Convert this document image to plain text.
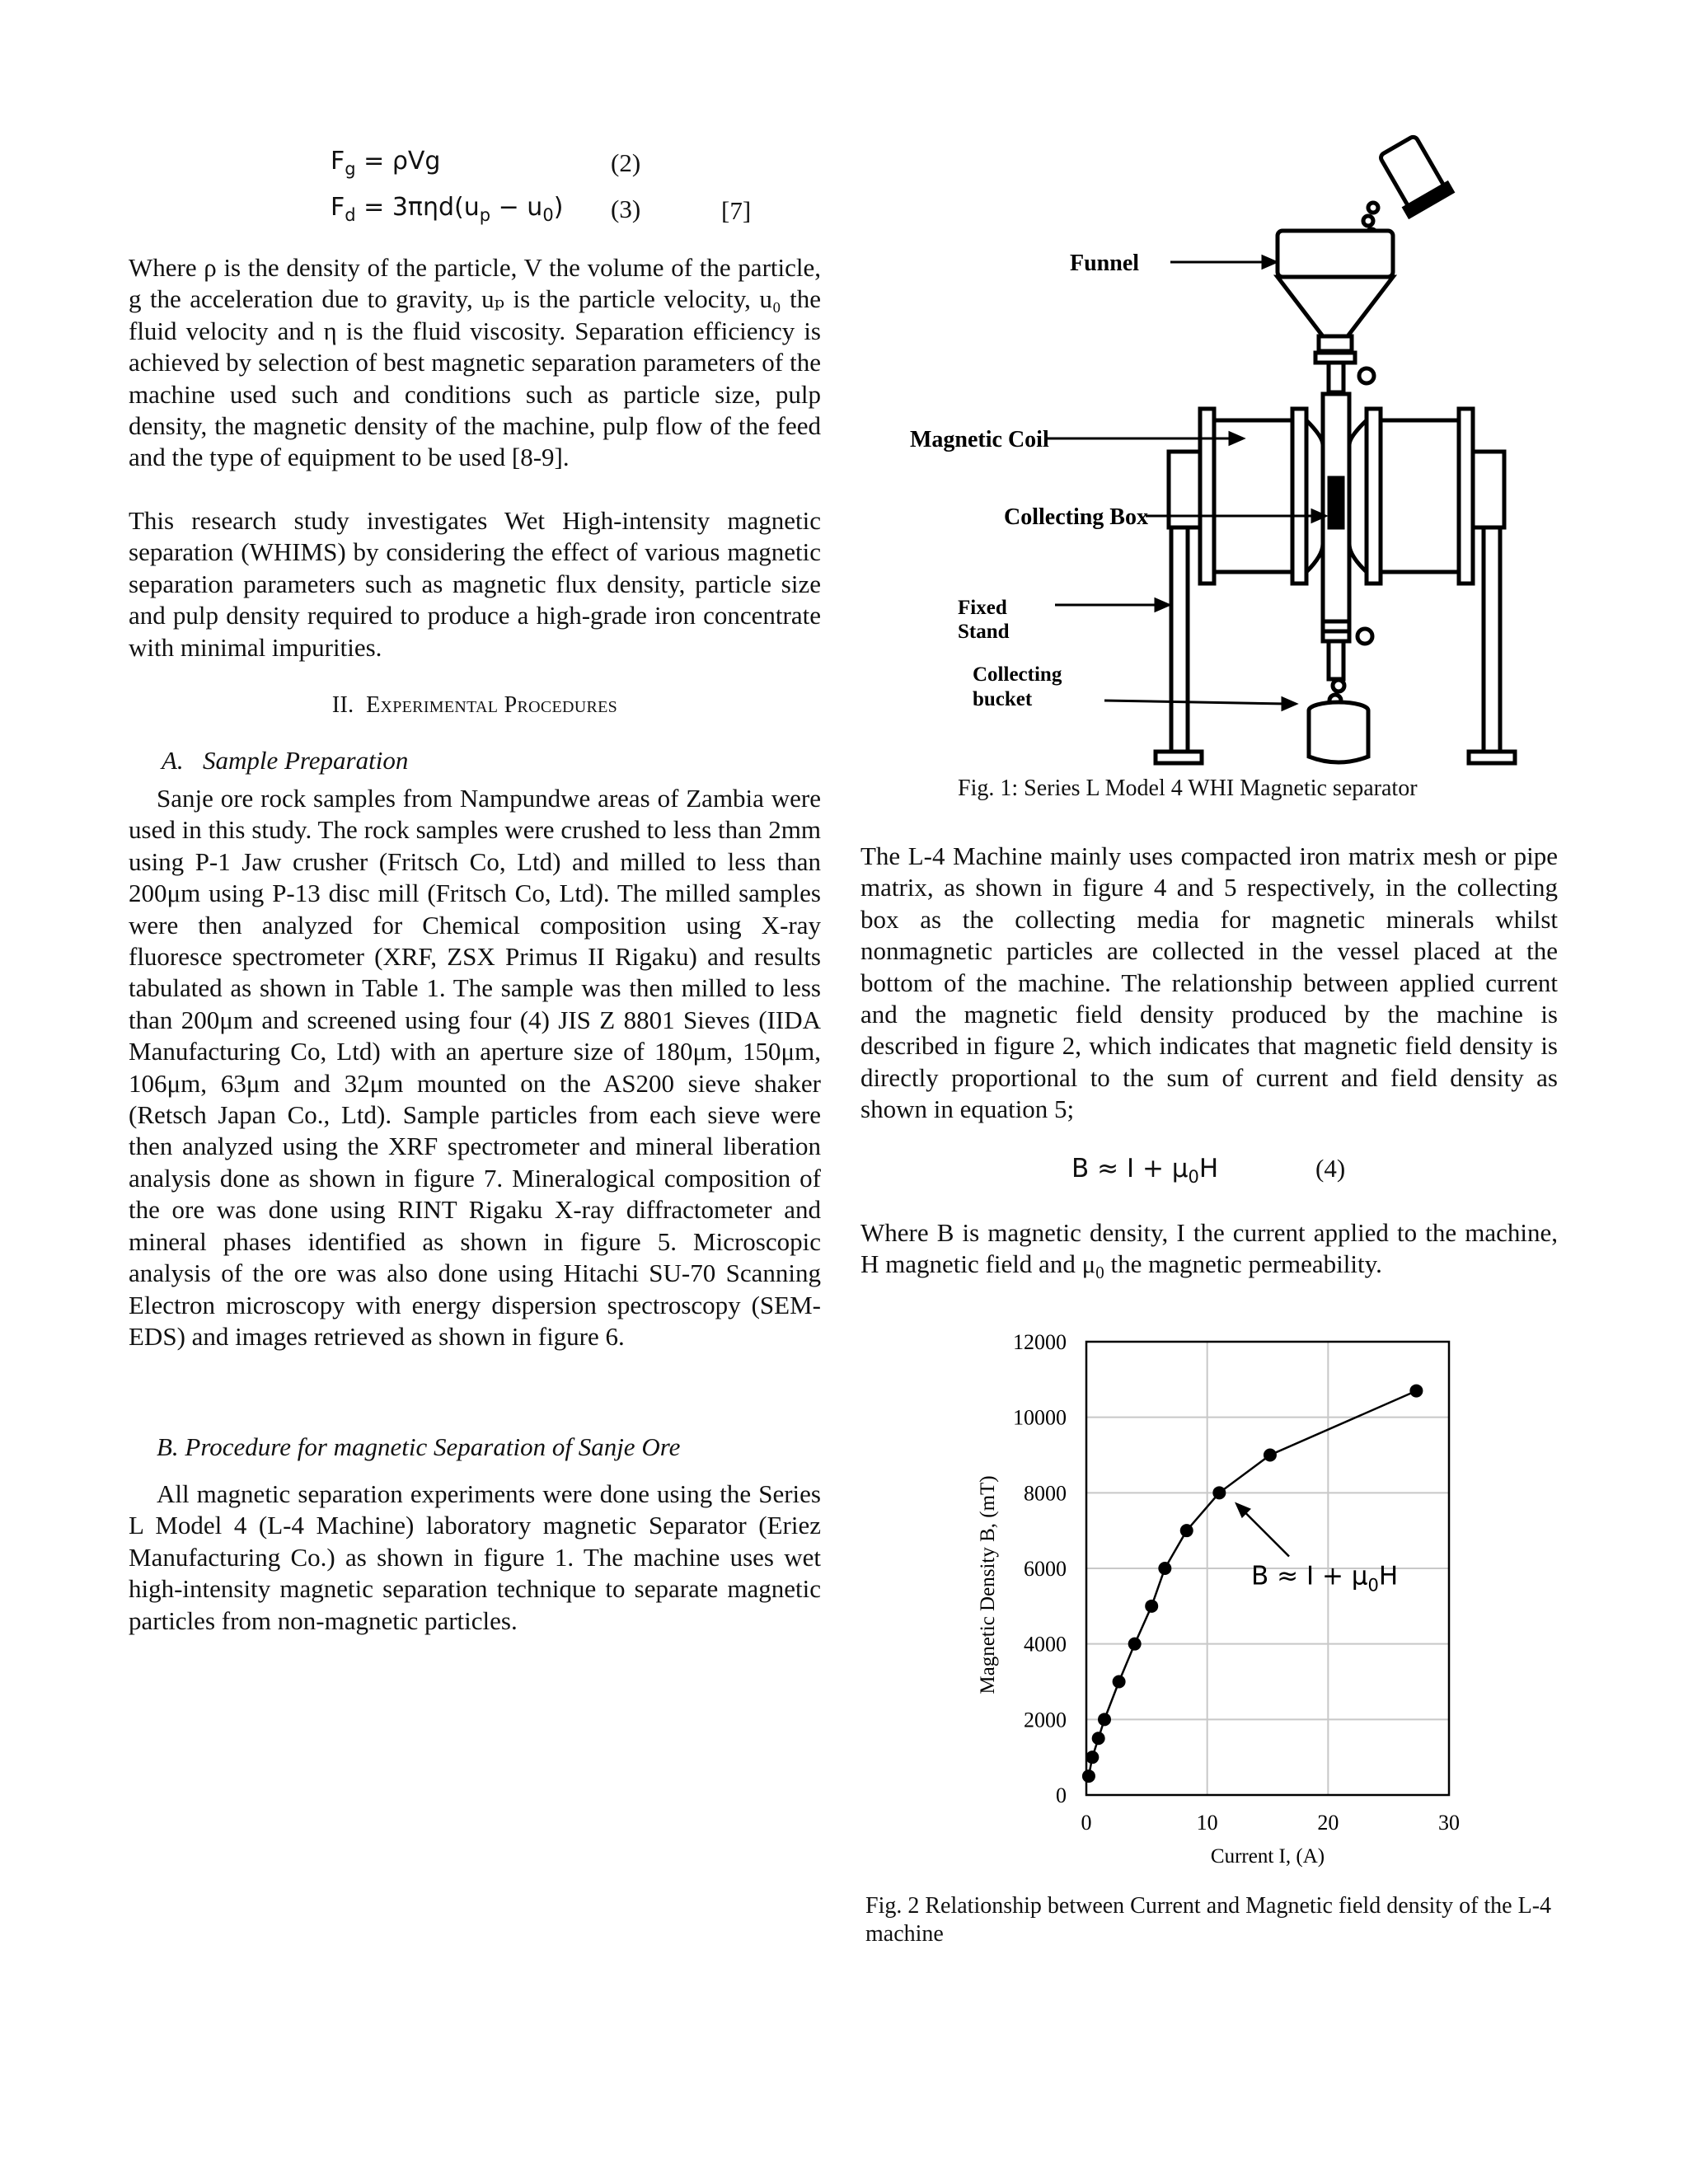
$F_g = \rho Vg$	(2)
$F_d = 3\pi\eta d(u_p - u_0)$ (3)	[7]

Where ρ is the density of the particle, V the volume of the particle, g the acceleration due to gravity, uₚ is the particle velocity, u₀ the fluid velocity and η is the fluid viscosity. Separation efficiency is achieved by selection of best magnetic separation parameters of the machine used such and conditions such as particle size, pulp density, the magnetic density of the machine, pulp flow of the feed and the type of equipment to be used [8-9].

This research study investigates Wet High-intensity magnetic separation (WHIMS) by considering the effect of various magnetic separation parameters such as magnetic flux density, particle size and pulp density required to produce a high-grade iron concentrate with minimal impurities.

II. Experimental Procedures
A. Sample Preparation

Sanje ore rock samples from Nampundwe areas of Zambia were used in this study. The rock samples were crushed to less than 2mm using P-1 Jaw crusher (Fritsch Co, Ltd) and milled to less than 200μm using P-13 disc mill (Fritsch Co, Ltd). The milled samples were then analyzed for Chemical composition using X-ray fluoresce spectrometer (XRF, ZSX Primus II Rigaku) and results tabulated as shown in Table 1. The sample was then milled to less than 200μm and screened using four (4) JIS Z 8801 Sieves (IIDA Manufacturing Co, Ltd) with an aperture size of 180μm, 150μm, 106μm, 63μm and 32μm mounted on the AS200 sieve shaker (Retsch Japan Co., Ltd). Sample particles from each sieve were then analyzed using the XRF spectrometer and mineral liberation analysis done as shown in figure 7. Mineralogical composition of the ore was done using RINT Rigaku X-ray diffractometer and mineral phases identified as shown in figure 5. Microscopic analysis of the ore was also done using Hitachi SU-70 Scanning Electron microscopy with energy dispersion spectroscopy (SEM-EDS) and images retrieved as shown in figure 6.

B. Procedure for magnetic Separation of Sanje Ore

All magnetic separation experiments were done using the Series L Model 4 (L-4 Machine) laboratory magnetic Separator (Eriez Manufacturing Co.) as shown in figure 1. The machine uses wet high-intensity magnetic separation technique to separate magnetic particles from non-magnetic particles.

Funnel
Magnetic Coil
Collecting Box
Fixed
Stand
Collecting
bucket
Fig. 1: Series L Model 4 WHI Magnetic separator

The L-4 Machine mainly uses compacted iron matrix mesh or pipe matrix, as shown in figure 4 and 5 respectively, in the collecting box as the collecting media for magnetic minerals whilst nonmagnetic particles are collected in the vessel placed at the bottom of the machine. The relationship between applied current and the magnetic field density produced by the machine is described in figure 2, which indicates that magnetic field density is directly proportional to the sum of current and field density as shown in equation 5;

$B \approx I + \mu_0H$	(4)

Where B is magnetic density, I the current applied to the machine, H magnetic field and $\mu_0$ the magnetic permeability.

0
2000
4000
6000
8000
10000
12000
0	10	20	30
Current I, (A)
Magnetic Density B, (mT)	$B \approx I + \mu_0H$
Fig. 2 Relationship between Current and Magnetic field density of the L-4 machine
